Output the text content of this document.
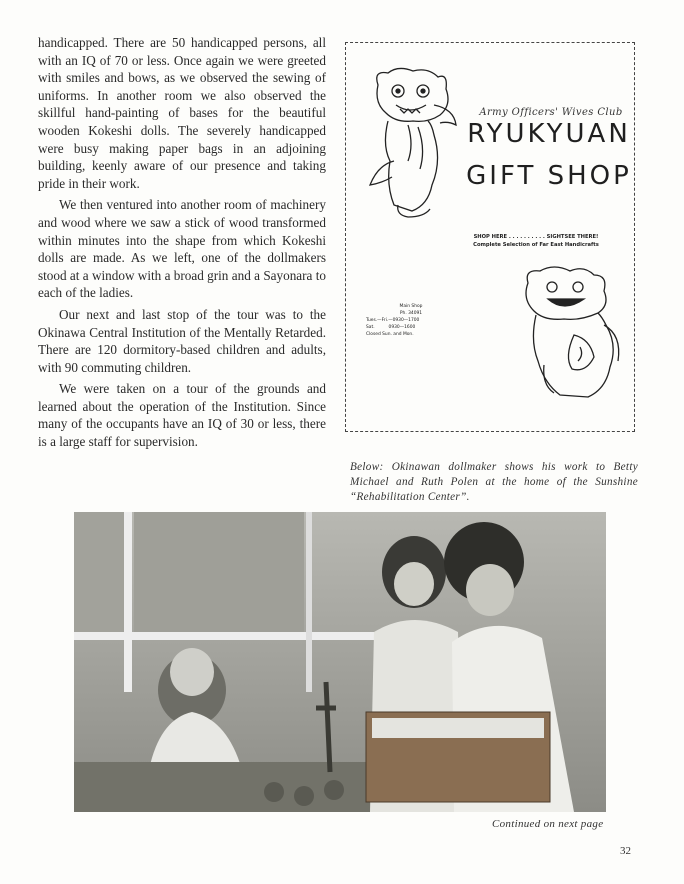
handicapped. There are 50 handicapped persons, all with an IQ of 70 or less. Once again we were greeted with smiles and bows, as we observed the sewing of uniforms. In another room we also observed the skillful hand-painting of bases for the beautiful wooden Kokeshi dolls. The severely handicapped were busy making paper bags in an adjoining building, keenly aware of our presence and taking pride in their work.

We then ventured into another room of machinery and wood where we saw a stick of wood transformed within minutes into the shape from which Kokeshi dolls are made. As we left, one of the dollmakers stood at a window with a broad grin and a Sayonara to each of the ladies.

Our next and last stop of the tour was to the Okinawa Central Institution of the Mentally Retarded. There are 120 dormitory-based children and adults, with 90 commuting children.

We were taken on a tour of the grounds and learned about the operation of the Institution. Since many of the occupants have an IQ of 30 or less, there is a large staff for supervision.

Army Officers' Wives Club
RYUKYUAN
GIFT SHOP
SHOP HERE . . . . . . . . . . SIGHTSEE THERE!
Complete Selection of Far East Handicrafts
Main Shop
Ph. 34091
Tues.—Fri.—0930—1700
Sat.          0930—1600
Closed Sun. and Mon.
Below: Okinawan dollmaker shows his work to Betty Michael and Ruth Polen at the home of the Sunshine “Rehabilitation Center”.
Continued on next page
32
